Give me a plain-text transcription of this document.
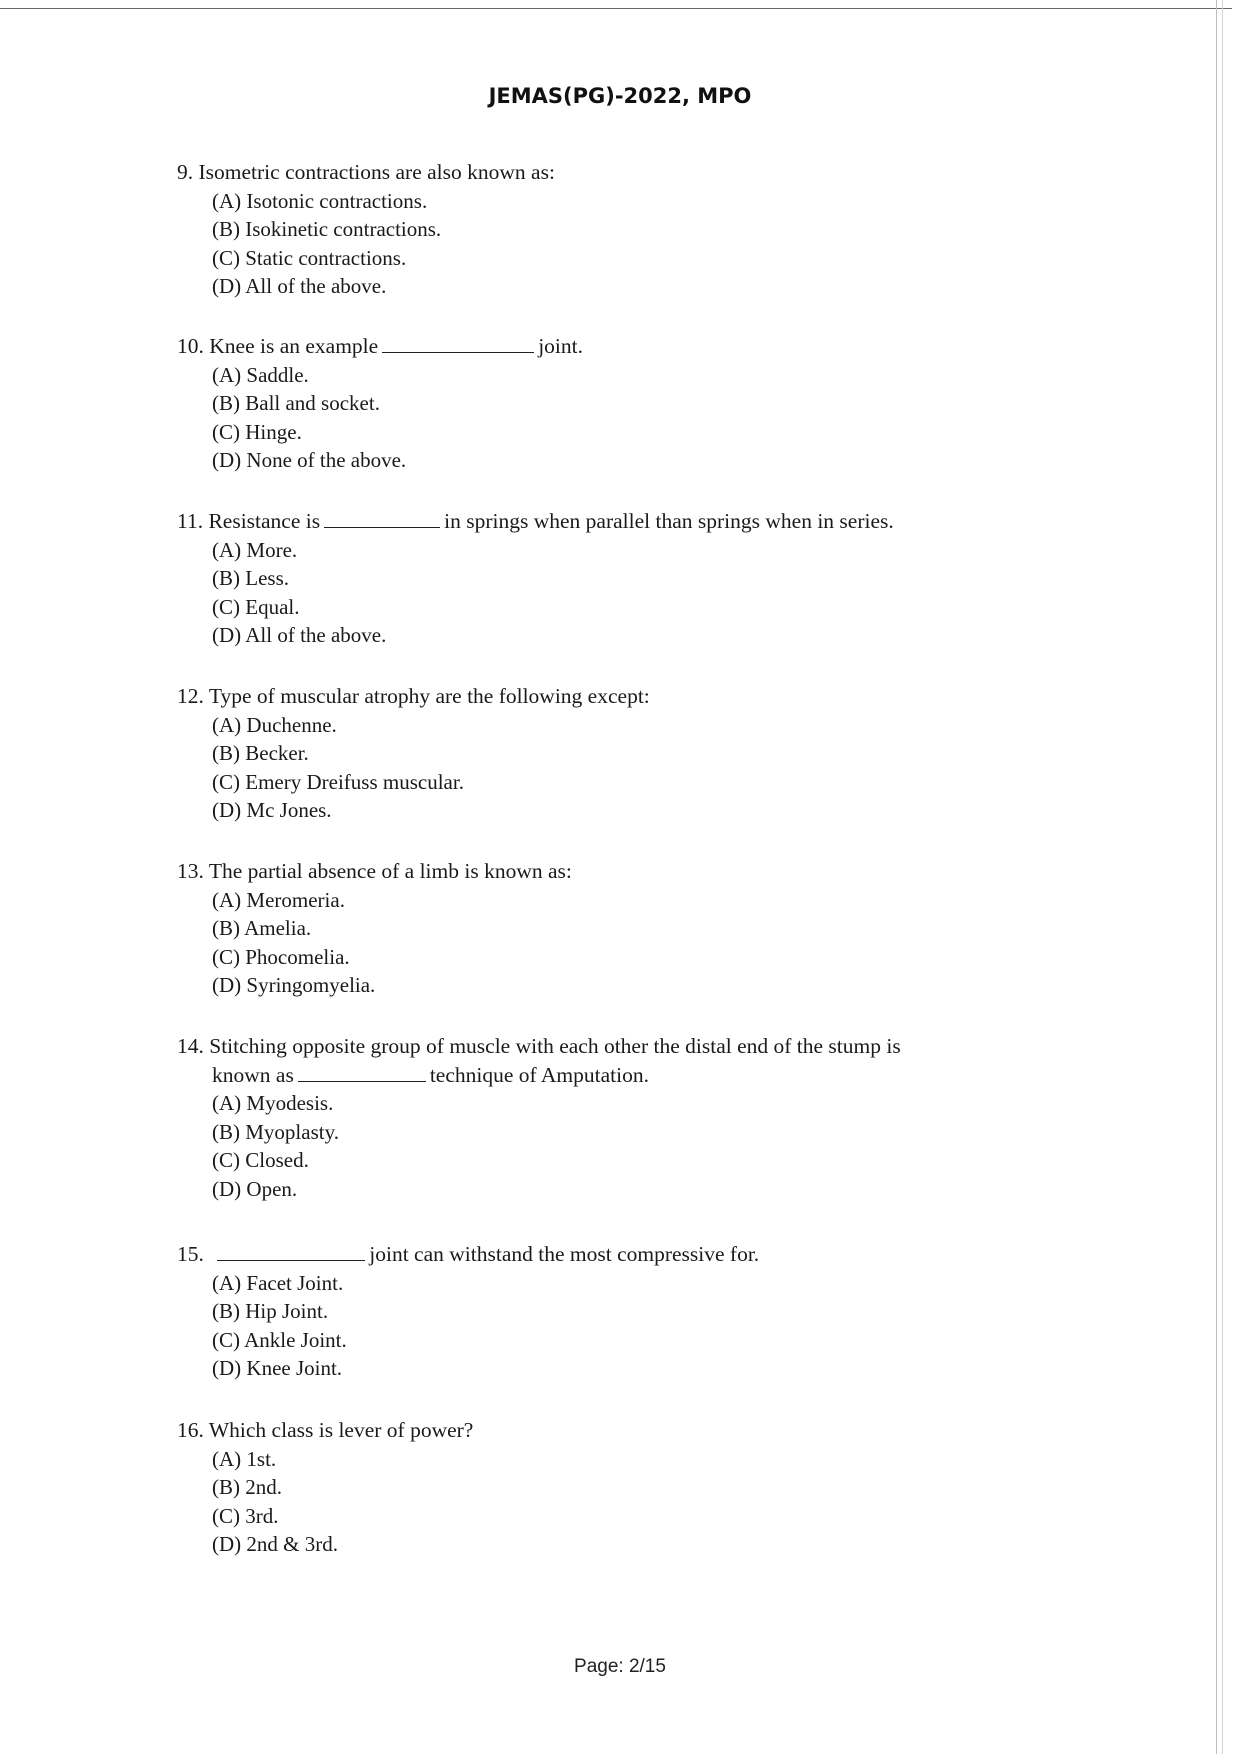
JEMAS(PG)-2022, MPO
9. Isometric contractions are also known as:
(A) Isotonic contractions.
(B) Isokinetic contractions.
(C) Static contractions.
(D) All of the above.
10. Knee is an example	joint.
(A) Saddle.
(B) Ball and socket.
(C) Hinge.
(D) None of the above.
11. Resistance is	in springs when parallel than springs when in series.
(A) More.
(B) Less.
(C) Equal.
(D) All of the above.
12. Type of muscular atrophy are the following except:
(A) Duchenne.
(B) Becker.
(C) Emery Dreifuss muscular.
(D) Mc Jones.
13. The partial absence of a limb is known as:
(A) Meromeria.
(B) Amelia.
(C) Phocomelia.
(D) Syringomyelia.
14. Stitching opposite group of muscle with each other the distal end of the stump is
known as	technique of Amputation.
(A) Myodesis.
(B) Myoplasty.
(C) Closed.
(D) Open.
15.	joint can withstand the most compressive for.
(A) Facet Joint.
(B) Hip Joint.
(C) Ankle Joint.
(D) Knee Joint.
16. Which class is lever of power?
(A) 1st.
(B) 2nd.
(C) 3rd.
(D) 2nd & 3rd.
Page: 2/15
